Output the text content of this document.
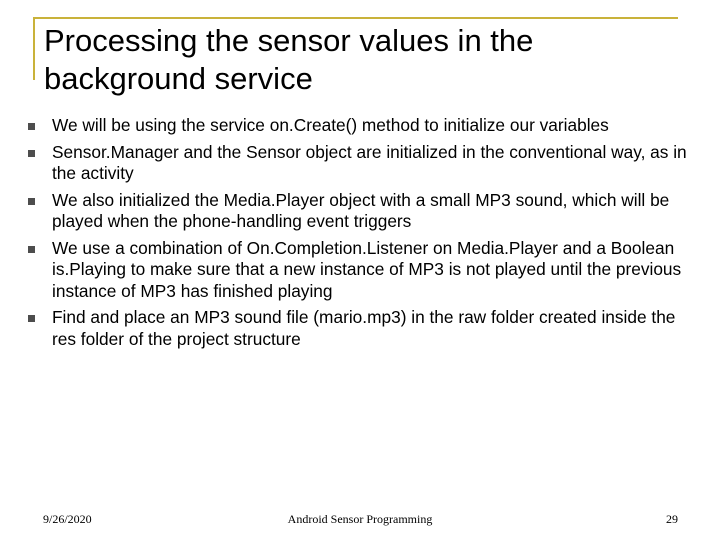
Processing the sensor values in the background service
We will be using the service on.Create() method to initialize our variables
Sensor.Manager and the Sensor object are initialized in the conventional way, as in the activity
We also initialized the Media.Player object with a small MP3 sound, which will be played when the phone-handling event triggers
We use a combination of On.Completion.Listener on Media.Player and a Boolean is.Playing to make sure that a new instance of MP3 is not played until the previous instance of MP3 has finished playing
Find and place an MP3 sound file (mario.mp3) in the raw folder created inside the res folder of the project structure
9/26/2020	Android Sensor Programming	29
